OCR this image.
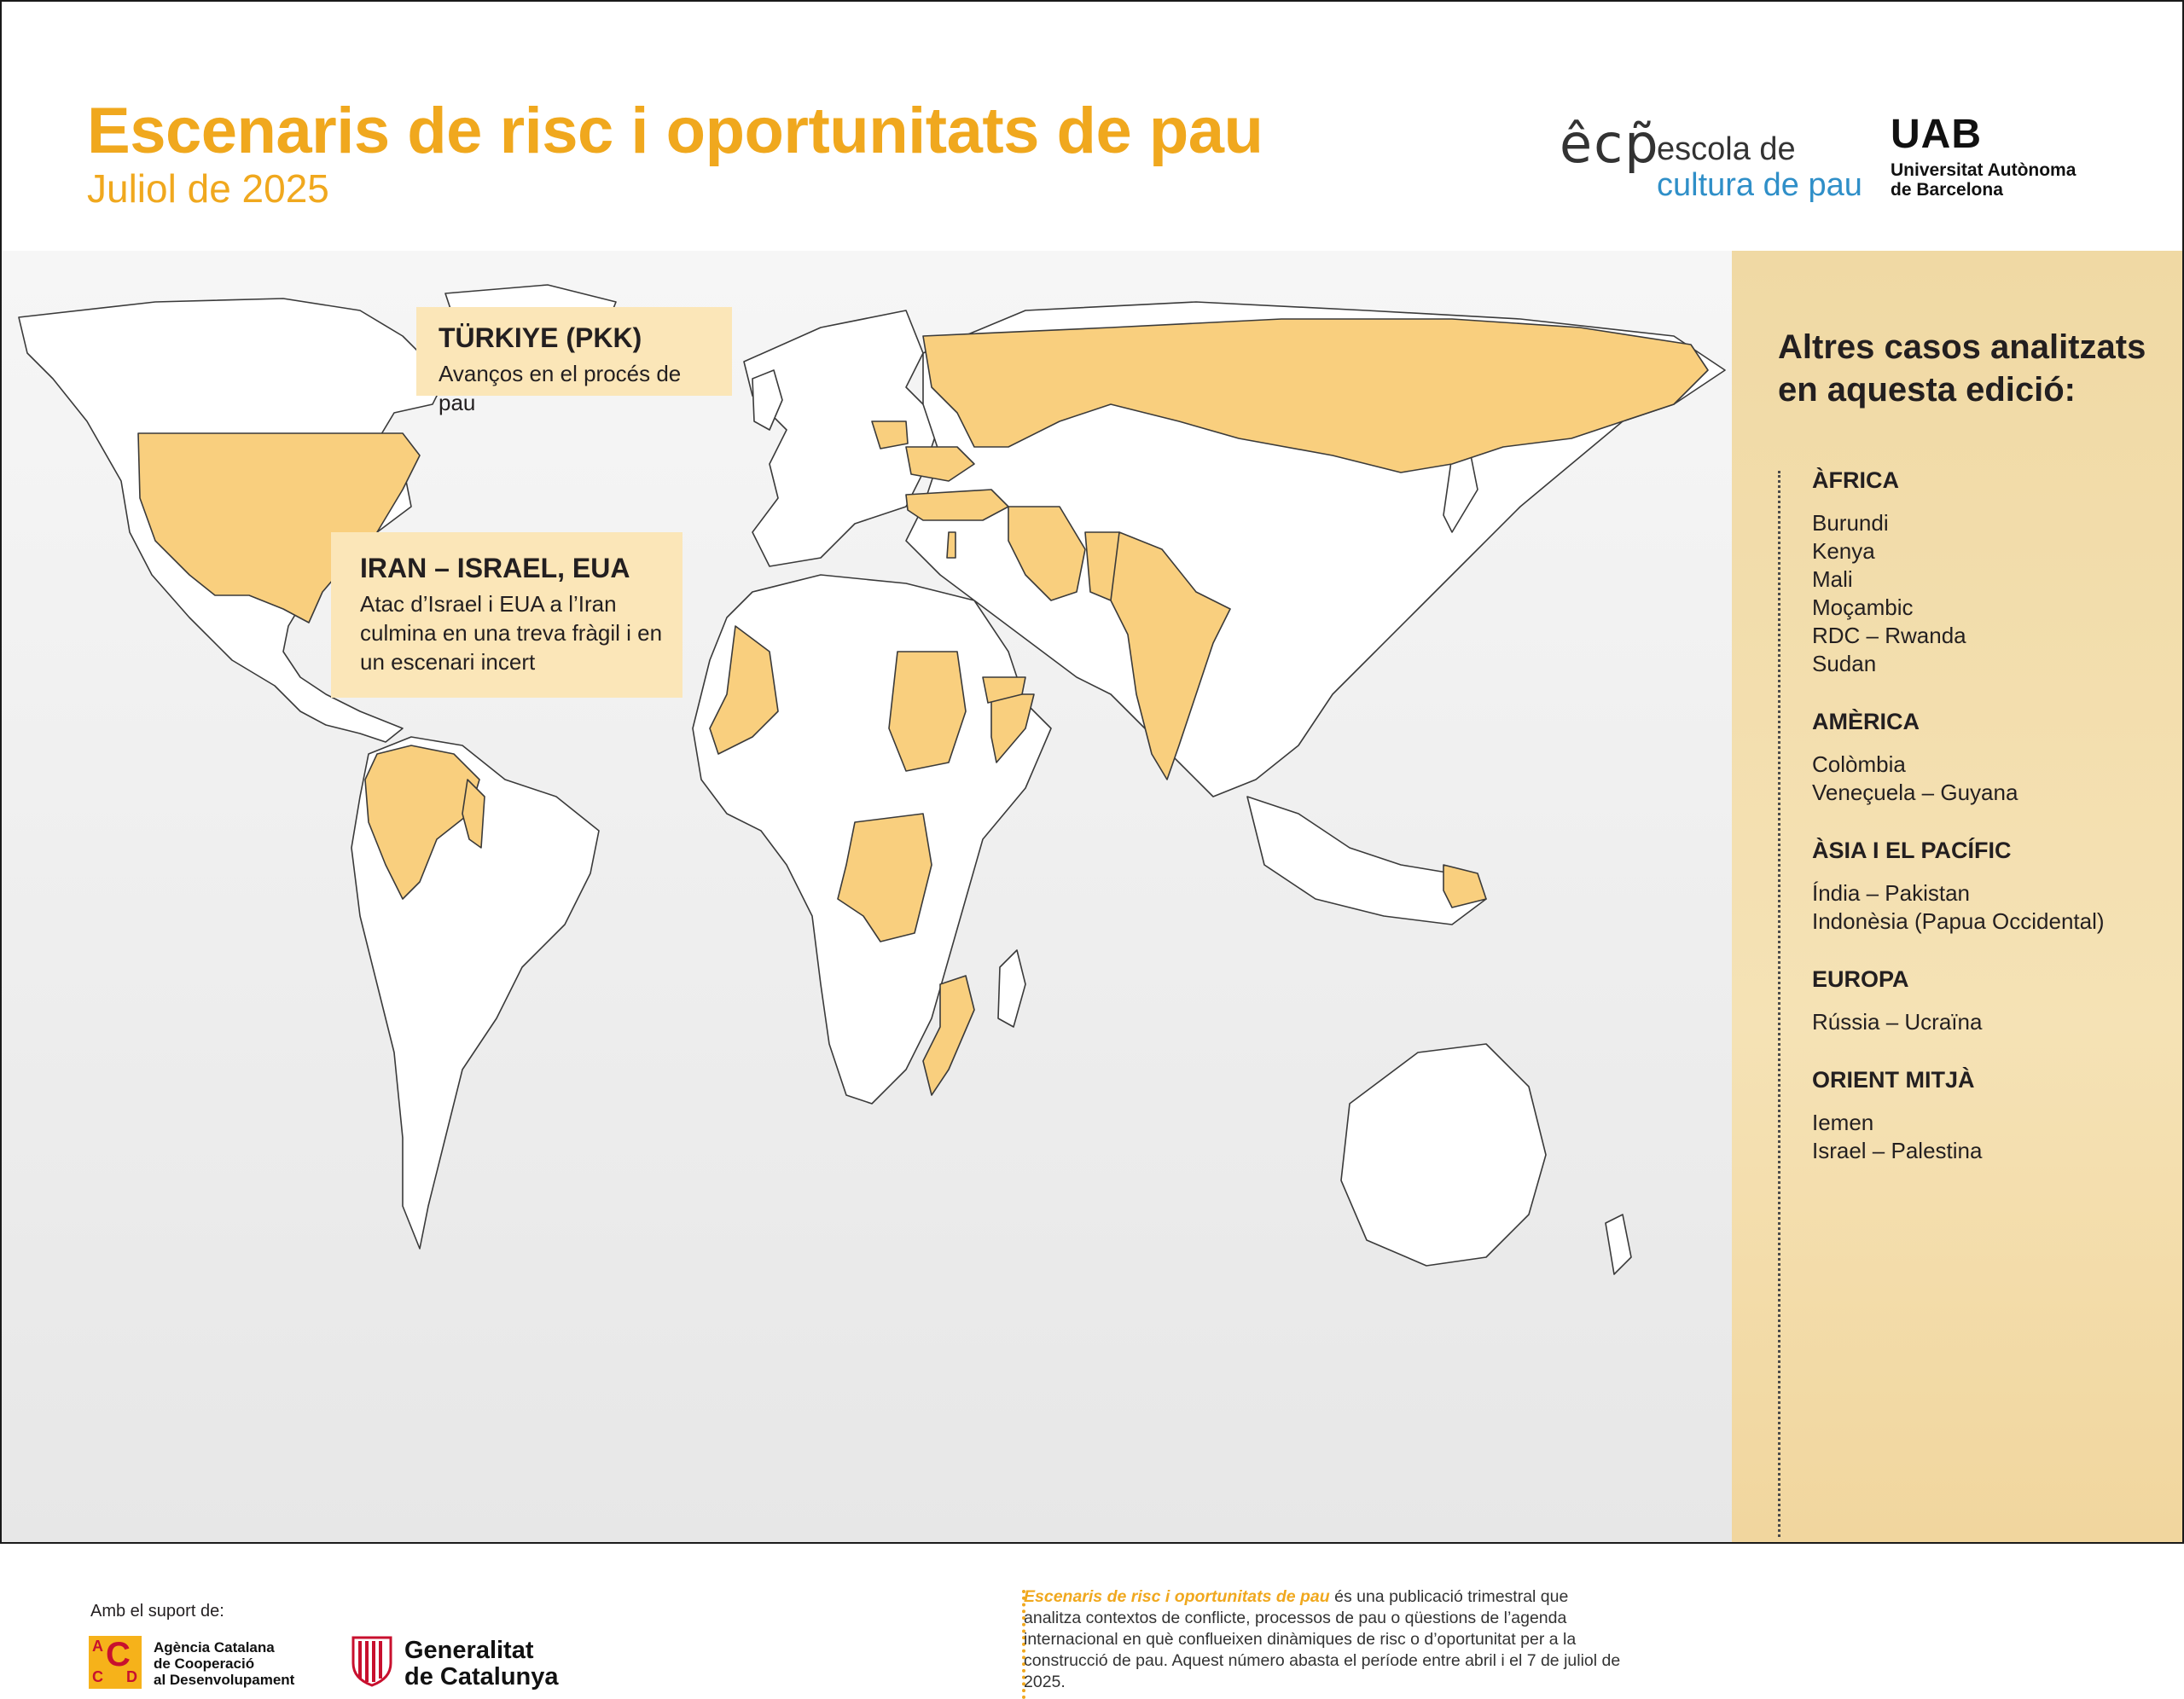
Escenaris de risc i oportunitats de pau
Juliol de 2025
êcp̃
escola de
cultura de pau
UAB
Universitat Autònoma de Barcelona
TÜRKIYE (PKK)
Avanços en el procés de pau
IRAN – ISRAEL, EUA
Atac d’Israel i EUA a l’Iran culmina en una treva fràgil i en un escenari incert
Amb el suport de:
A C
C D
Agència Catalana
de Cooperació
al Desenvolupament
Generalitat
de Catalunya
Escenaris de risc i oportunitats de pau és una publicació trimestral que analitza contextos de conflicte, processos de pau o qüestions de l’agenda internacional en què conflueixen dinàmiques de risc o d’oportunitat per a la construcció de pau. Aquest número abasta el període entre abril i el 7 de juliol de 2025.
Altres casos analitzats en aquesta edició:
ÀFRICA
Burundi
Kenya
Mali
Moçambic
RDC – Rwanda
Sudan
AMÈRICA
Colòmbia
Veneçuela – Guyana
ÀSIA I EL PACÍFIC
Índia – Pakistan
Indonèsia (Papua Occidental)
EUROPA
Rússia – Ucraïna
ORIENT MITJÀ
Iemen
Israel – Palestina
